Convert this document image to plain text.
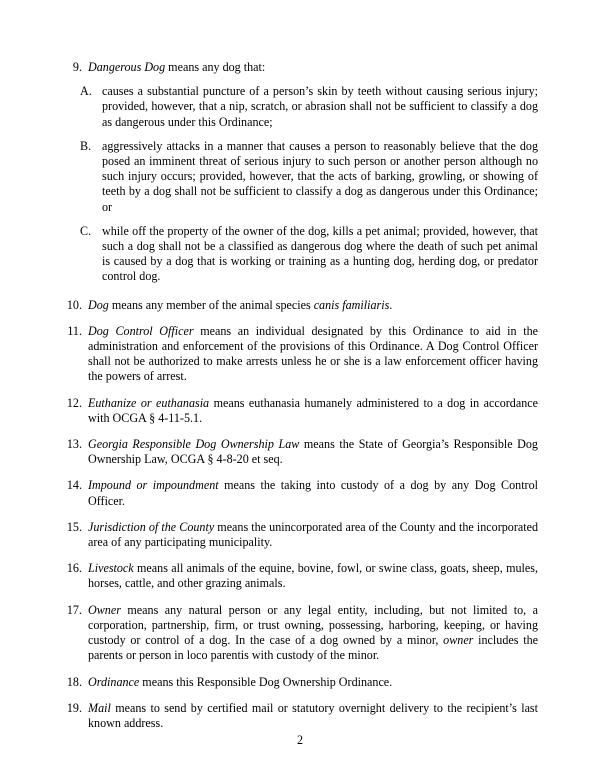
9. Dangerous Dog means any dog that:
A. causes a substantial puncture of a person’s skin by teeth without causing serious injury; provided, however, that a nip, scratch, or abrasion shall not be sufficient to classify a dog as dangerous under this Ordinance;
B. aggressively attacks in a manner that causes a person to reasonably believe that the dog posed an imminent threat of serious injury to such person or another person although no such injury occurs; provided, however, that the acts of barking, growling, or showing of teeth by a dog shall not be sufficient to classify a dog as dangerous under this Ordinance; or
C. while off the property of the owner of the dog, kills a pet animal; provided, however, that such a dog shall not be a classified as dangerous dog where the death of such pet animal is caused by a dog that is working or training as a hunting dog, herding dog, or predator control dog.
10. Dog means any member of the animal species canis familiaris.
11. Dog Control Officer means an individual designated by this Ordinance to aid in the administration and enforcement of the provisions of this Ordinance. A Dog Control Officer shall not be authorized to make arrests unless he or she is a law enforcement officer having the powers of arrest.
12. Euthanize or euthanasia means euthanasia humanely administered to a dog in accordance with OCGA § 4-11-5.1.
13. Georgia Responsible Dog Ownership Law means the State of Georgia’s Responsible Dog Ownership Law, OCGA § 4-8-20 et seq.
14. Impound or impoundment means the taking into custody of a dog by any Dog Control Officer.
15. Jurisdiction of the County means the unincorporated area of the County and the incorporated area of any participating municipality.
16. Livestock means all animals of the equine, bovine, fowl, or swine class, goats, sheep, mules, horses, cattle, and other grazing animals.
17. Owner means any natural person or any legal entity, including, but not limited to, a corporation, partnership, firm, or trust owning, possessing, harboring, keeping, or having custody or control of a dog. In the case of a dog owned by a minor, owner includes the parents or person in loco parentis with custody of the minor.
18. Ordinance means this Responsible Dog Ownership Ordinance.
19. Mail means to send by certified mail or statutory overnight delivery to the recipient’s last known address.
2
